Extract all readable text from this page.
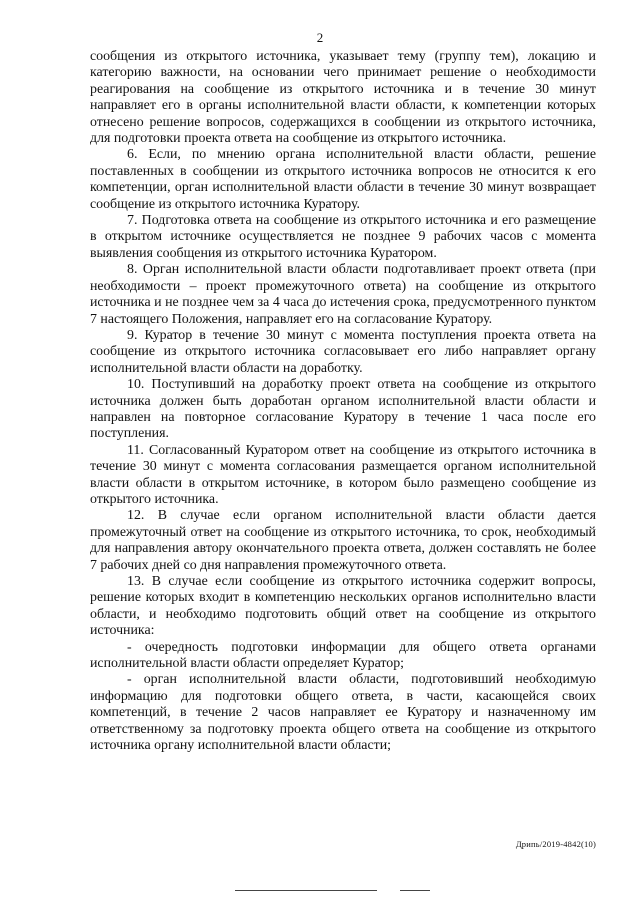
2

сообщения из открытого источника, указывает тему (группу тем), локацию и категорию важности, на основании чего принимает решение о необходимости реагирования на сообщение из открытого источника и в течение 30 минут направляет его в органы исполнительной власти области, к компетенции которых отнесено решение вопросов, содержащихся в сообщении из открытого источника, для подготовки проекта ответа на сообщение из открытого источника.

6. Если, по мнению органа исполнительной власти области, решение поставленных в сообщении из открытого источника вопросов не относится к его компетенции, орган исполнительной власти области в течение 30 минут возвращает сообщение из открытого источника Куратору.

7. Подготовка ответа на сообщение из открытого источника и его размещение в открытом источнике осуществляется не позднее 9 рабочих часов с момента выявления сообщения из открытого источника Куратором.

8. Орган исполнительной власти области подготавливает проект ответа (при необходимости – проект промежуточного ответа) на сообщение из открытого источника и не позднее чем за 4 часа до истечения срока, предусмотренного пунктом 7 настоящего Положения, направляет его на согласование Куратору.

9. Куратор в течение 30 минут с момента поступления проекта ответа на сообщение из открытого источника согласовывает его либо направляет органу исполнительной власти области на доработку.

10. Поступивший на доработку проект ответа на сообщение из открытого источника должен быть доработан органом исполнительной власти области и направлен на повторное согласование Куратору в течение 1 часа после его поступления.

11. Согласованный Куратором ответ на сообщение из открытого источника в течение 30 минут с момента согласования размещается органом исполнительной власти области в открытом источнике, в котором было размещено сообщение из открытого источника.

12. В случае если органом исполнительной власти области дается промежуточный ответ на сообщение из открытого источника, то срок, необходимый для направления автору окончательного проекта ответа, должен составлять не более 7 рабочих дней со дня направления промежуточного ответа.

13. В случае если сообщение из открытого источника содержит вопросы, решение которых входит в компетенцию нескольких органов исполнительно власти области, и необходимо подготовить общий ответ на сообщение из открытого источника:

- очередность подготовки информации для общего ответа органами исполнительной власти области определяет Куратор;

- орган исполнительной власти области, подготовивший необходимую информацию для подготовки общего ответа, в части, касающейся своих компетенций, в течение 2 часов направляет ее Куратору и назначенному им ответственному за подготовку проекта общего ответа на сообщение из открытого источника органу исполнительной власти области;

Дрипь/2019-4842(10)
